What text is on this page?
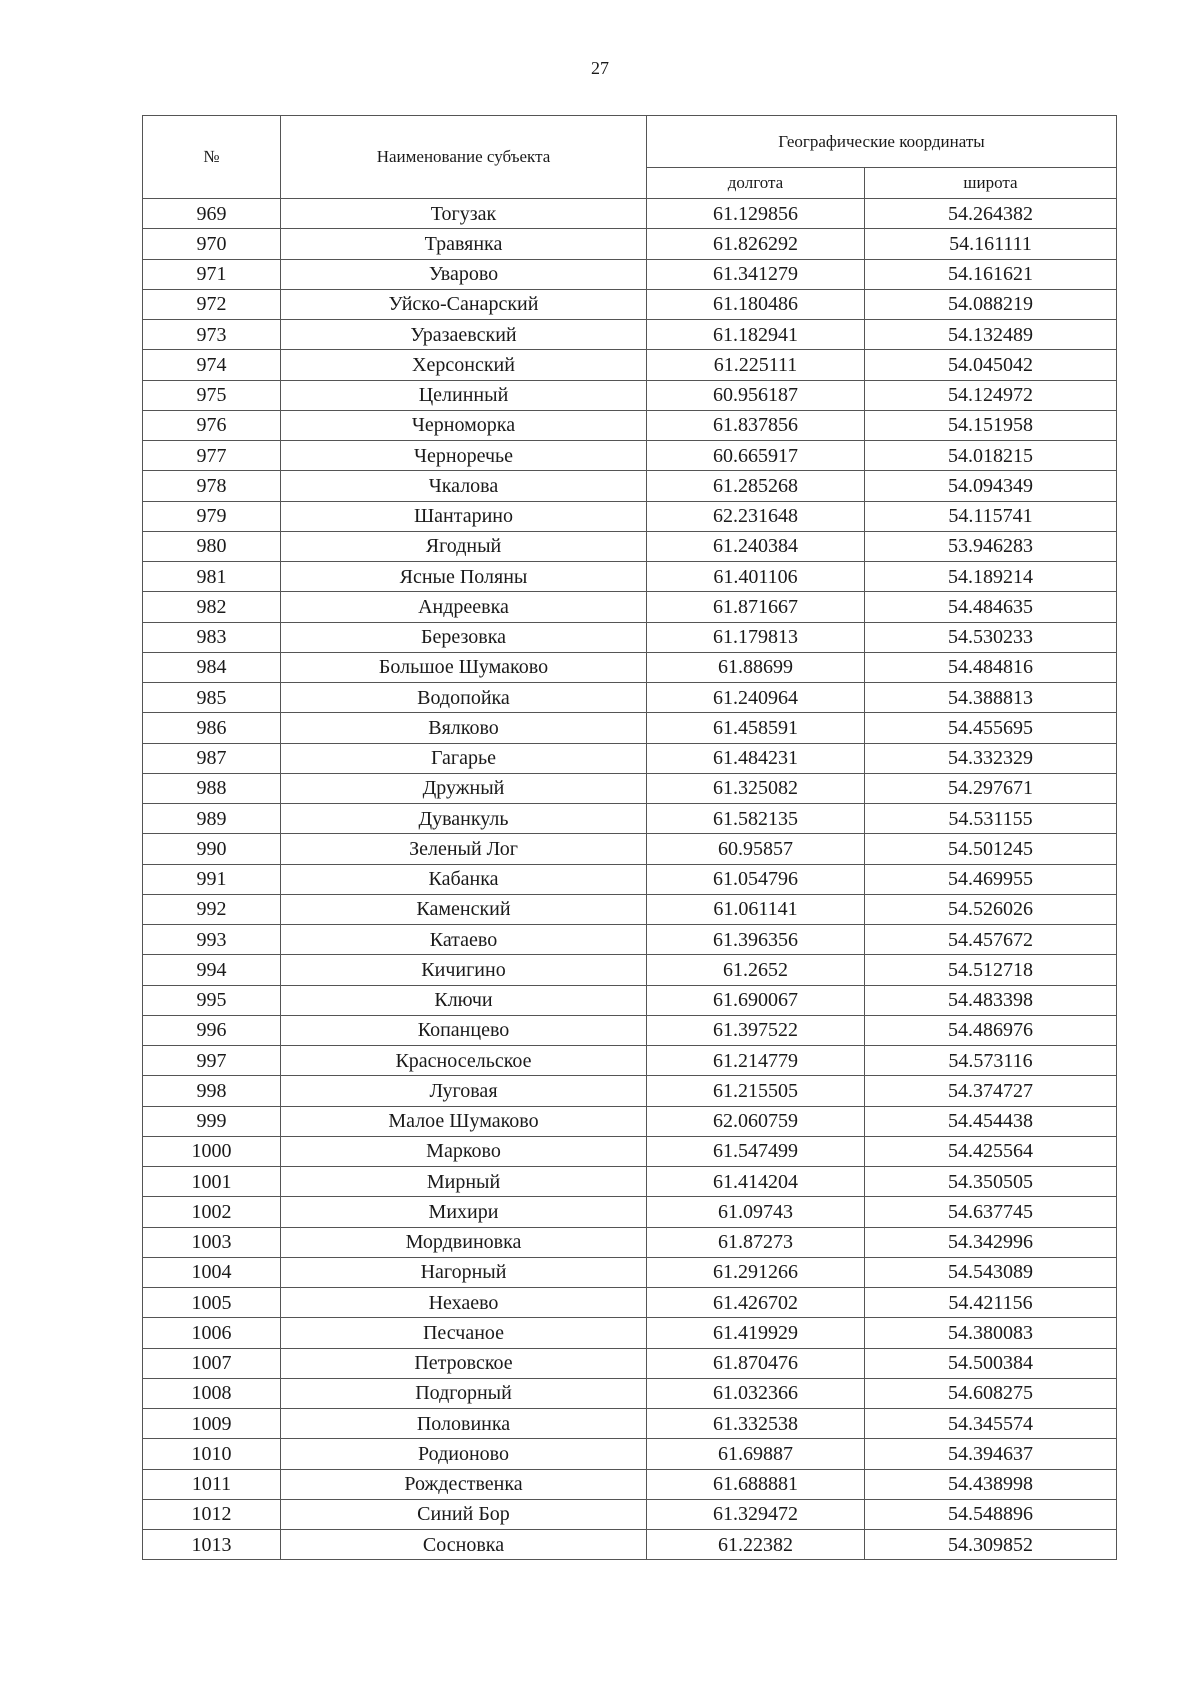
27
№	Наименование субъекта	Географические координаты	
		долгота	широта
969	Тогузак	61.129856	54.264382
970	Травянка	61.826292	54.161111
971	Уварово	61.341279	54.161621
972	Уйско-Санарский	61.180486	54.088219
973	Уразаевский	61.182941	54.132489
974	Херсонский	61.225111	54.045042
975	Целинный	60.956187	54.124972
976	Черноморка	61.837856	54.151958
977	Черноречье	60.665917	54.018215
978	Чкалова	61.285268	54.094349
979	Шантарино	62.231648	54.115741
980	Ягодный	61.240384	53.946283
981	Ясные Поляны	61.401106	54.189214
982	Андреевка	61.871667	54.484635
983	Березовка	61.179813	54.530233
984	Большое Шумаково	61.88699	54.484816
985	Водопойка	61.240964	54.388813
986	Вялково	61.458591	54.455695
987	Гагарье	61.484231	54.332329
988	Дружный	61.325082	54.297671
989	Дуванкуль	61.582135	54.531155
990	Зеленый Лог	60.95857	54.501245
991	Кабанка	61.054796	54.469955
992	Каменский	61.061141	54.526026
993	Катаево	61.396356	54.457672
994	Кичигино	61.2652	54.512718
995	Ключи	61.690067	54.483398
996	Копанцево	61.397522	54.486976
997	Красносельское	61.214779	54.573116
998	Луговая	61.215505	54.374727
999	Малое Шумаково	62.060759	54.454438
1000	Марково	61.547499	54.425564
1001	Мирный	61.414204	54.350505
1002	Михири	61.09743	54.637745
1003	Мордвиновка	61.87273	54.342996
1004	Нагорный	61.291266	54.543089
1005	Нехаево	61.426702	54.421156
1006	Песчаное	61.419929	54.380083
1007	Петровское	61.870476	54.500384
1008	Подгорный	61.032366	54.608275
1009	Половинка	61.332538	54.345574
1010	Родионово	61.69887	54.394637
1011	Рождественка	61.688881	54.438998
1012	Синий Бор	61.329472	54.548896
1013	Сосновка	61.22382	54.309852
